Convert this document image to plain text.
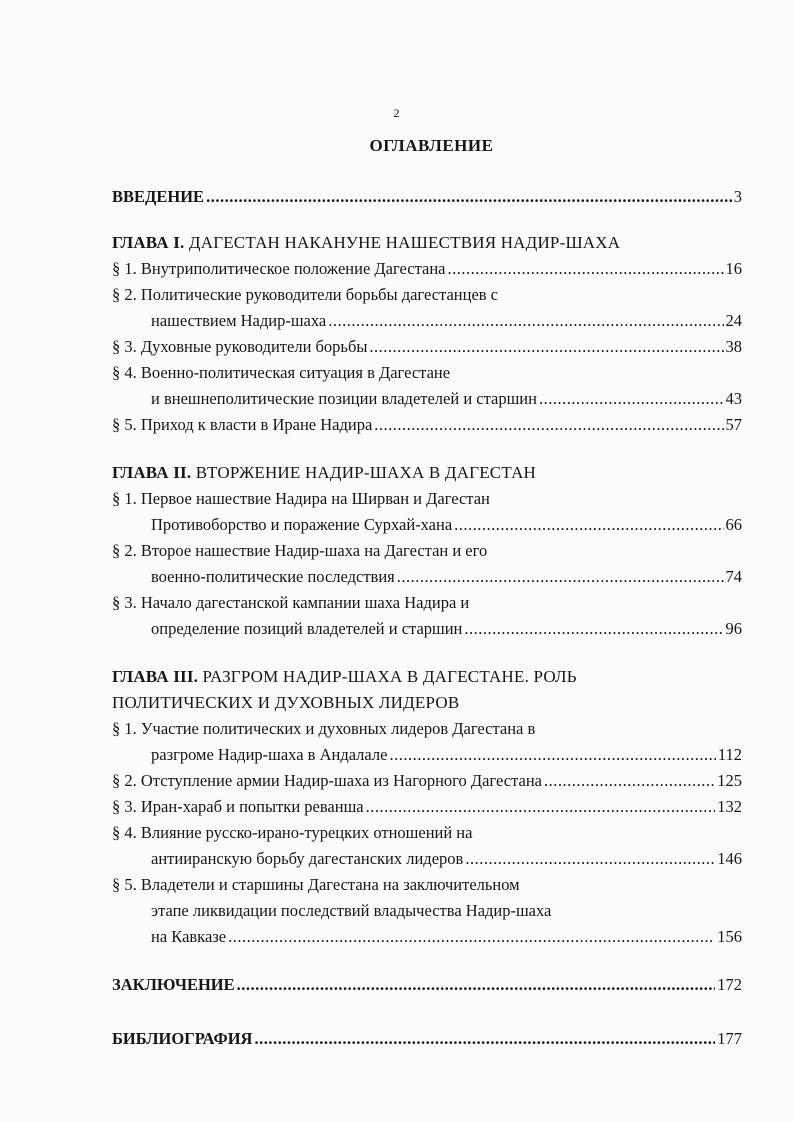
2
ОГЛАВЛЕНИЕ
ВВЕДЕНИЕ .....	3
ГЛАВА I. ДАГЕСТАН НАКАНУНЕ НАШЕСТВИЯ НАДИР-ШАХА
§ 1. Внутриполитическое положение Дагестана .....	16
§ 2. Политические руководители борьбы дагестанцев с
нашествием Надир-шаха .....	24
§ 3. Духовные руководители борьбы .....	38
§ 4. Военно-политическая ситуация в Дагестане
и внешнеполитические позиции владетелей и старшин .....	43
§ 5. Приход к власти в Иране Надира .....	57
ГЛАВА II. ВТОРЖЕНИЕ НАДИР-ШАХА В ДАГЕСТАН
§ 1. Первое нашествие Надира на Ширван и Дагестан
Противоборство и поражение Сурхай-хана .....	66
§ 2. Второе нашествие Надир-шаха на Дагестан и его
военно-политические последствия .....	74
§ 3. Начало дагестанской кампании шаха Надира и
определение позиций владетелей и старшин .....	96
ГЛАВА III. РАЗГРОМ НАДИР-ШАХА В ДАГЕСТАНЕ. РОЛЬ
ПОЛИТИЧЕСКИХ И ДУХОВНЫХ ЛИДЕРОВ
§ 1. Участие политических и духовных лидеров Дагестана в
разгроме Надир-шаха в Андалале .....	112
§ 2. Отступление армии Надир-шаха из Нагорного Дагестана .....	125
§ 3. Иран-хараб и попытки реванша .....	132
§ 4. Влияние русско-ирано-турецких отношений на
антииранскую борьбу дагестанских лидеров .....	146
§ 5. Владетели и старшины Дагестана на заключительном
этапе ликвидации последствий владычества Надир-шаха
на Кавказе .....	156
ЗАКЛЮЧЕНИЕ .....	172
БИБЛИОГРАФИЯ .....	177
